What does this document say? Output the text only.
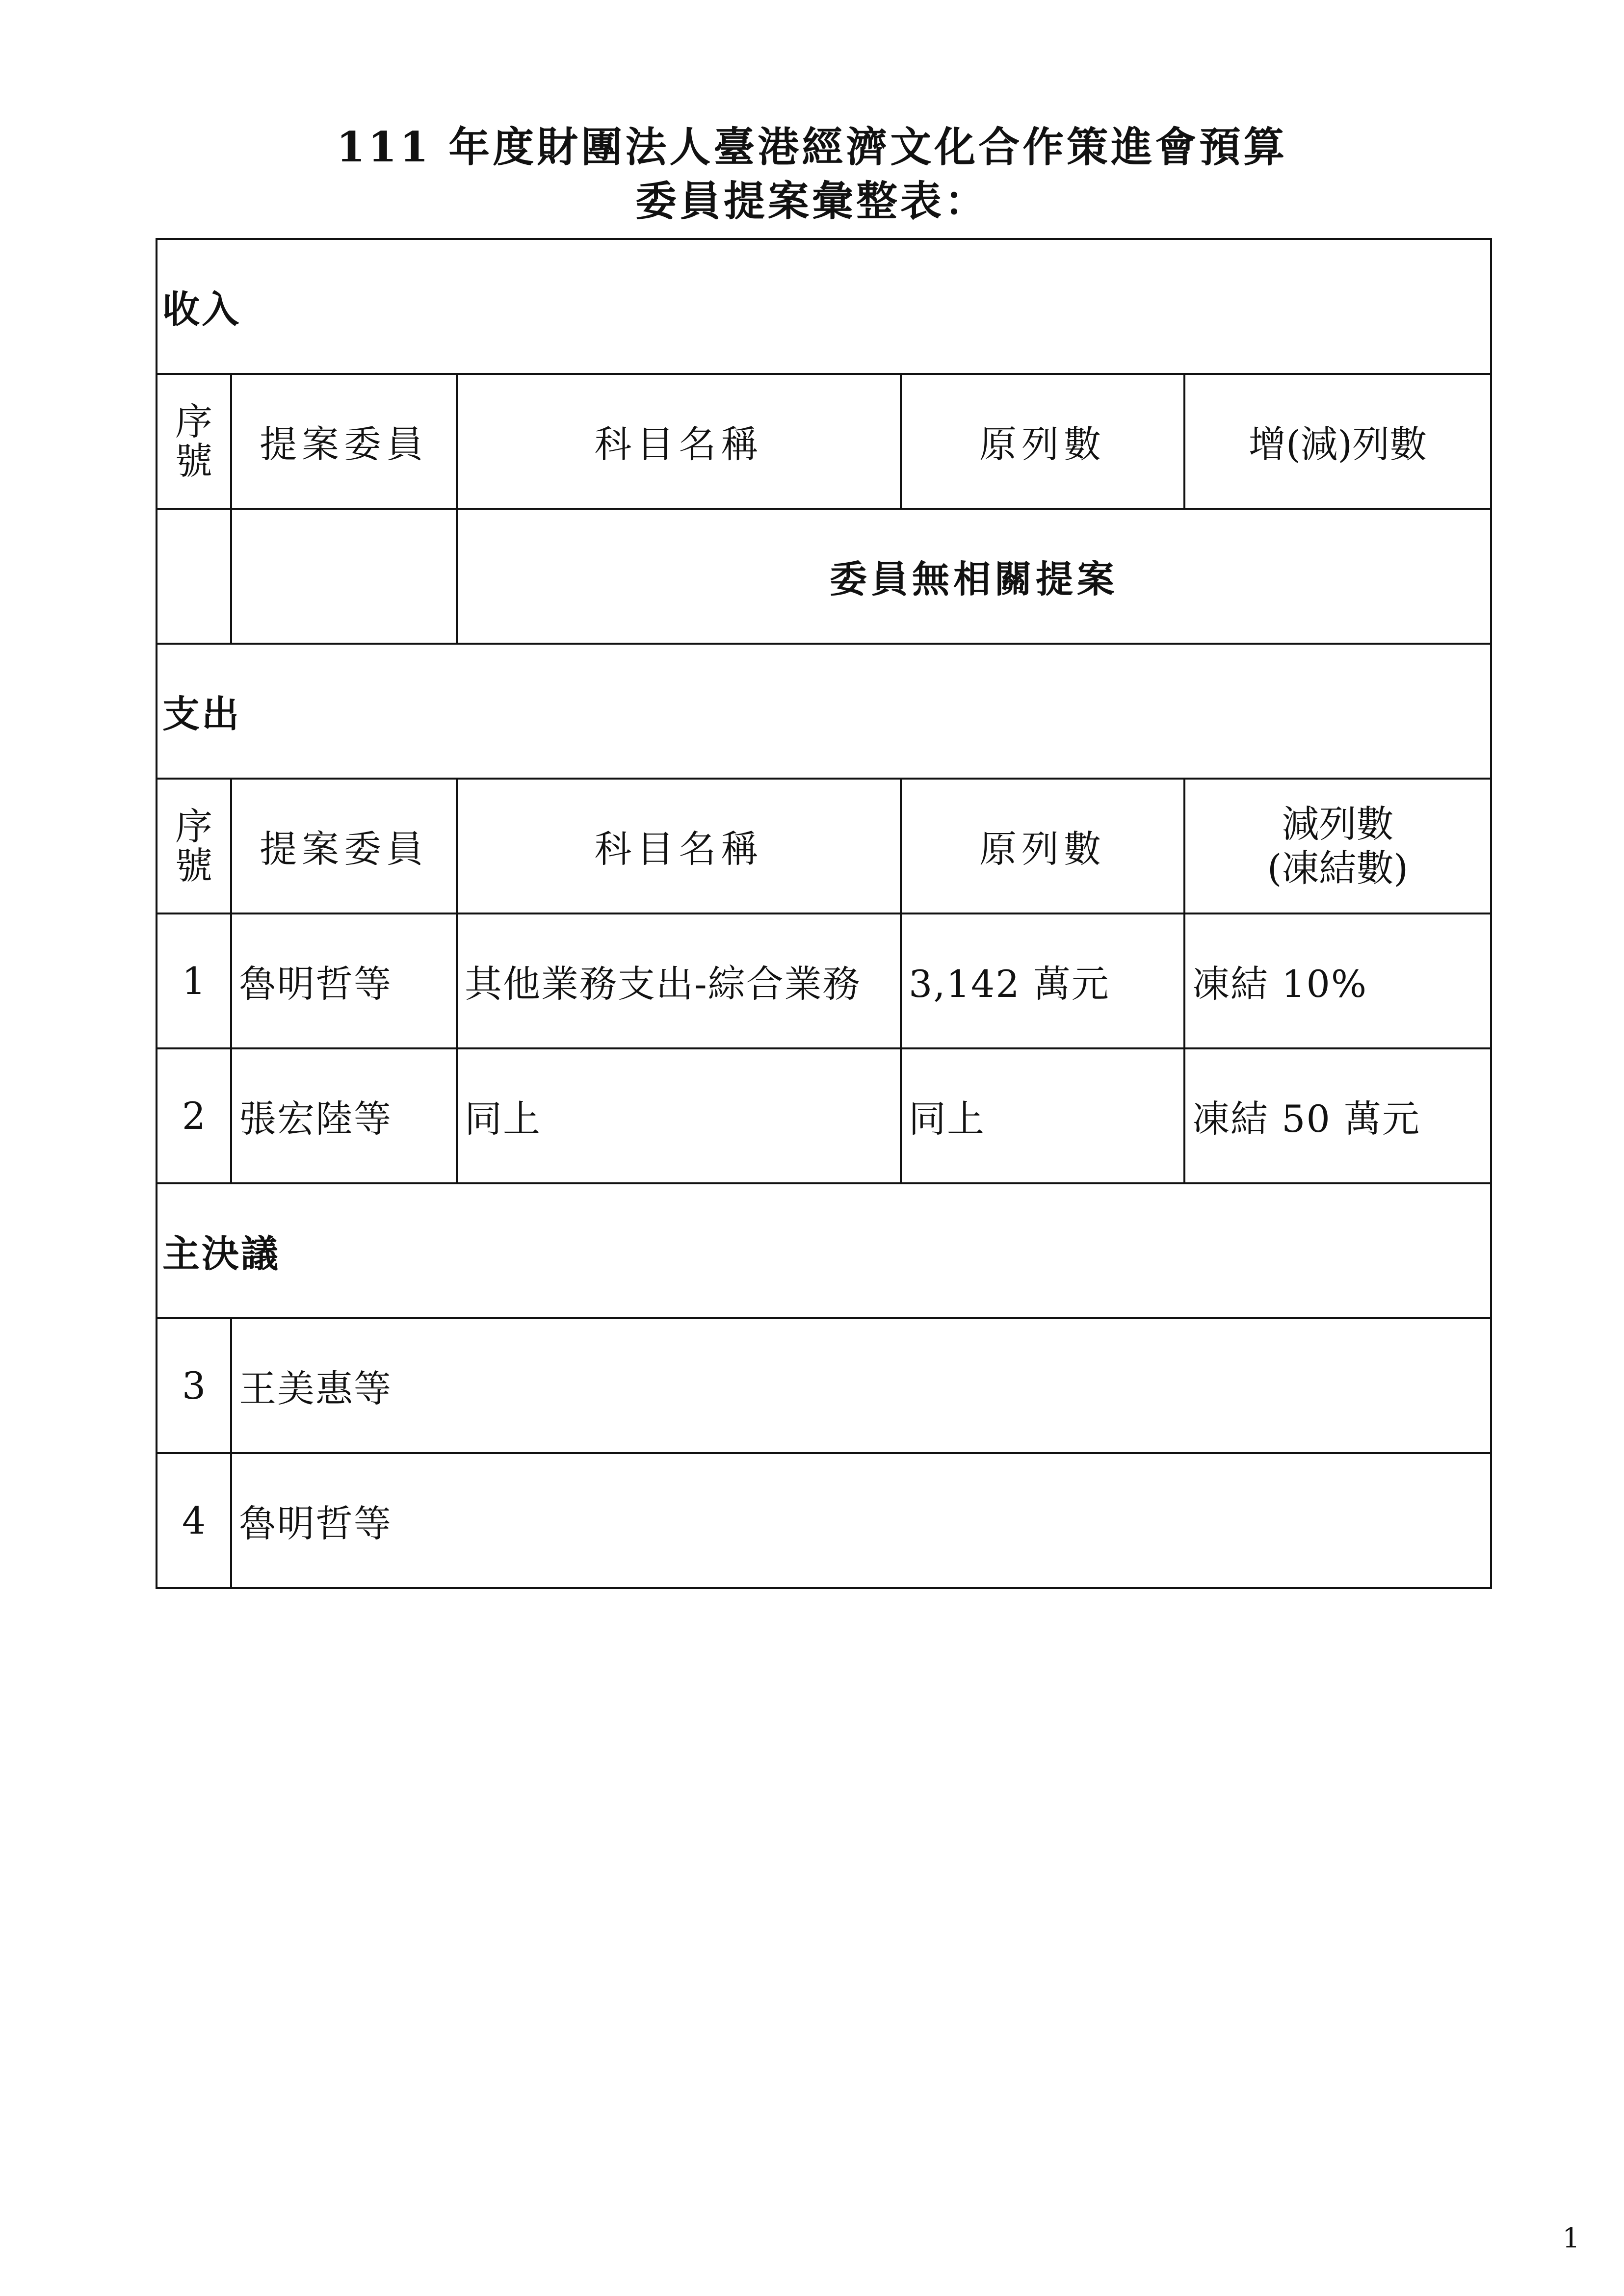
111 年度財團法人臺港經濟文化合作策進會預算
委員提案彙整表：
收入				
序號	提案委員	科目名稱	原列數	增(減)列數
		委員無相關提案		
支出				
序號	提案委員	科目名稱	原列數	減列數
(凍結數)

1	魯明哲等	其他業務支出-綜合業務	3,142 萬元	凍結 10%
2	張宏陸等	同上	同上	凍結 50 萬元
主決議				
3	王美惠等			
4	魯明哲等			
1
